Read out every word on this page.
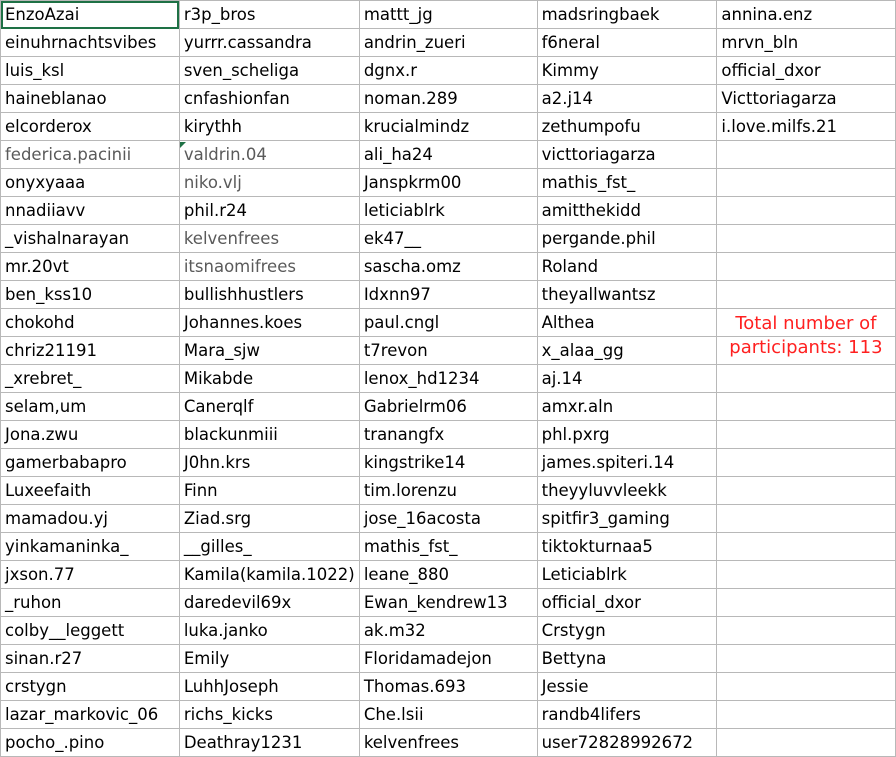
EnzoAzai	r3p_bros	mattt_jg	madsringbaek	annina.enz
einuhrnachtsvibes	yurrr.cassandra	andrin_zueri	f6neral	mrvn_bln
luis_ksl	sven_scheliga	dgnx.r	Kimmy	official_dxor
haineblanao	cnfashionfan	noman.289	a2.j14	Victtoriagarza
elcorderox	kirythh	krucialmindz	zethumpofu	i.love.milfs.21
federica.pacinii	valdrin.04	ali_ha24	victtoriagarza	
onyxyaaa	niko.vlj	Janspkrm00	mathis_fst_	
nnadiiavv	phil.r24	leticiablrk	amitthekidd	
_vishalnarayan	kelvenfrees	ek47__	pergande.phil	
mr.20vt	itsnaomifrees	sascha.omz	Roland	
ben_kss10	bullishhustlers	Idxnn97	theyallwantsz	
chokohd	Johannes.koes	paul.cngl	Althea	Total number of
participants: 113

chriz21191	Mara_sjw	t7revon	x_alaa_gg	
_xrebret_	Mikabde	lenox_hd1234	aj.14	
selam,um	Canerqlf	Gabrielrm06	amxr.aln	
Jona.zwu	blackunmiii	tranangfx	phl.pxrg	
gamerbabapro	J0hn.krs	kingstrike14	james.spiteri.14	
Luxeefaith	Finn	tim.lorenzu	theyyluvvleekk	
mamadou.yj	Ziad.srg	jose_16acosta	spitfir3_gaming	
yinkamaninka_	__gilles_	mathis_fst_	tiktokturnaa5	
jxson.77	Kamila(kamila.1022)	leane_880	Leticiablrk	
_ruhon	daredevil69x	Ewan_kendrew13	official_dxor	
colby__leggett	luka.janko	ak.m32	Crstygn	
sinan.r27	Emily	Floridamadejon	Bettyna	
crstygn	LuhhJoseph	Thomas.693	Jessie	
lazar_markovic_06	richs_kicks	Che.lsii	randb4lifers	
pocho_.pino	Deathray1231	kelvenfrees	user72828992672	
